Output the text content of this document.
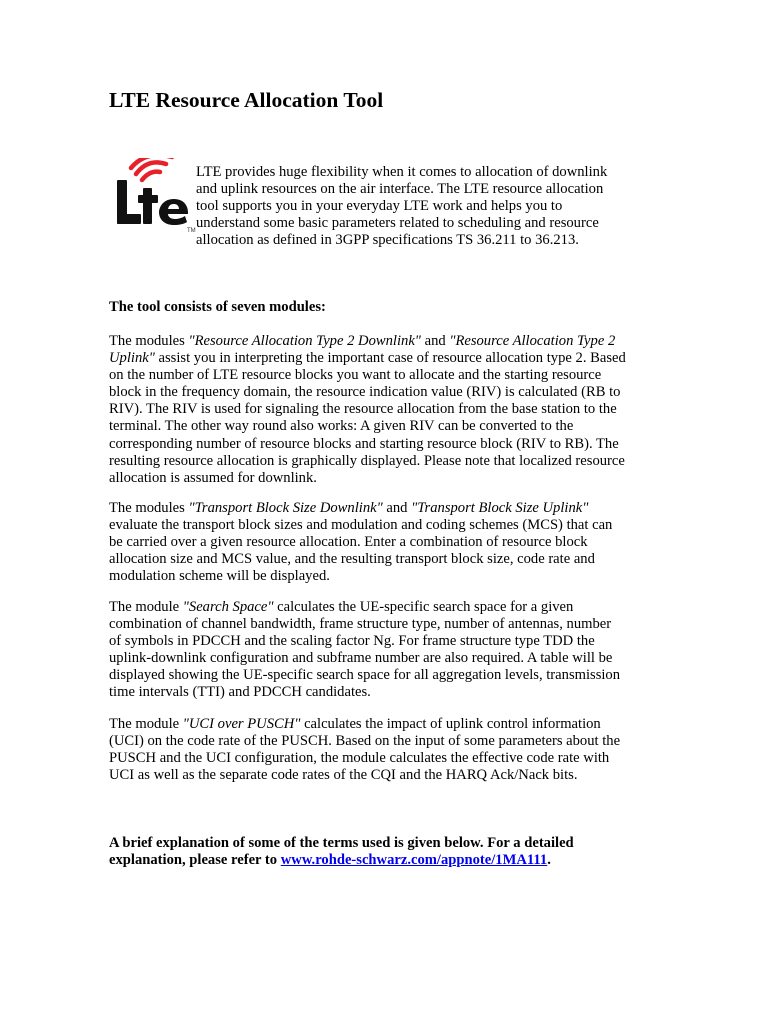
LTE Resource Allocation Tool
TM
LTE provides huge flexibility when it comes to allocation of downlink
and uplink resources on the air interface. The LTE resource allocation
tool supports you in your everyday LTE work and helps you to
understand some basic parameters related to scheduling and resource
allocation as defined in 3GPP specifications TS 36.211 to 36.213.
The tool consists of seven modules:
The modules "Resource Allocation Type 2 Downlink" and "Resource Allocation Type 2
Uplink" assist you in interpreting the important case of resource allocation type 2. Based
on the number of LTE resource blocks you want to allocate and the starting resource
block in the frequency domain, the resource indication value (RIV) is calculated (RB to
RIV). The RIV is used for signaling the resource allocation from the base station to the
terminal. The other way round also works: A given RIV can be converted to the
corresponding number of resource blocks and starting resource block (RIV to RB). The
resulting resource allocation is graphically displayed. Please note that localized resource
allocation is assumed for downlink.
The modules "Transport Block Size Downlink" and "Transport Block Size Uplink"
evaluate the transport block sizes and modulation and coding schemes (MCS) that can
be carried over a given resource allocation. Enter a combination of resource block
allocation size and MCS value, and the resulting transport block size, code rate and
modulation scheme will be displayed.
The module "Search Space" calculates the UE-specific search space for a given
combination of channel bandwidth, frame structure type, number of antennas, number
of symbols in PDCCH and the scaling factor Ng. For frame structure type TDD the
uplink-downlink configuration and subframe number are also required. A table will be
displayed showing the UE-specific search space for all aggregation levels, transmission
time intervals (TTI) and PDCCH candidates.
The module "UCI over PUSCH" calculates the impact of uplink control information
(UCI) on the code rate of the PUSCH. Based on the input of some parameters about the
PUSCH and the UCI configuration, the module calculates the effective code rate with
UCI as well as the separate code rates of the CQI and the HARQ Ack/Nack bits.
A brief explanation of some of the terms used is given below. For a detailed
explanation, please refer to www.rohde-schwarz.com/appnote/1MA111.
